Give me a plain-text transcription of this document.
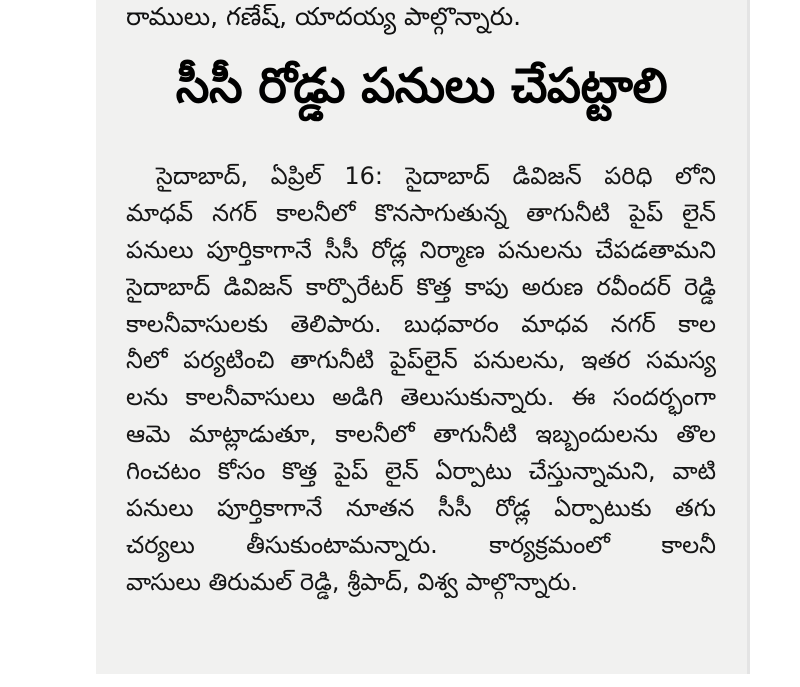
రాములు, గణేష్‌, యాదయ్య పాల్గొన్నారు.

సీసీ రోడ్డు పనులు చేపట్టాలి
సైదాబాద్‌, ఏప్రిల్‌ 16: సైదాబాద్‌ డివిజన్‌ పరిధి లోని
మాధవ్‌ నగర్‌ కాలనీలో కొనసాగుతున్న తాగునీటి పైప్‌ లైన్‌
పనులు పూర్తికాగానే సీసీ రోడ్ల నిర్మాణ పనులను చేపడతామని
సైదాబాద్‌ డివిజన్‌ కార్పొరేటర్‌ కొత్త కాపు అరుణ రవీందర్‌ రెడ్డి
కాలనీవాసులకు తెలిపారు. బుధవారం మాధవ నగర్‌ కాల
నీలో పర్యటించి తాగునీటి పైప్‌లైన్‌ పనులను, ఇతర సమస్య
లను కాలనీవాసులు అడిగి తెలుసుకున్నారు. ఈ సందర్భంగా
ఆమె మాట్లాడుతూ, కాలనీలో తాగునీటి ఇబ్బందులను తొల
గించటం కోసం కొత్త పైప్‌ లైన్‌ ఏర్పాటు చేస్తున్నామని, వాటి
పనులు పూర్తికాగానే నూతన సీసీ రోడ్ల ఏర్పాటుకు తగు
చర్యలు తీసుకుంటామన్నారు. కార్యక్రమంలో కాలనీ
వాసులు తిరుమల్‌ రెడ్డి, శ్రీపాద్‌, విశ్వ పాల్గొన్నారు.
